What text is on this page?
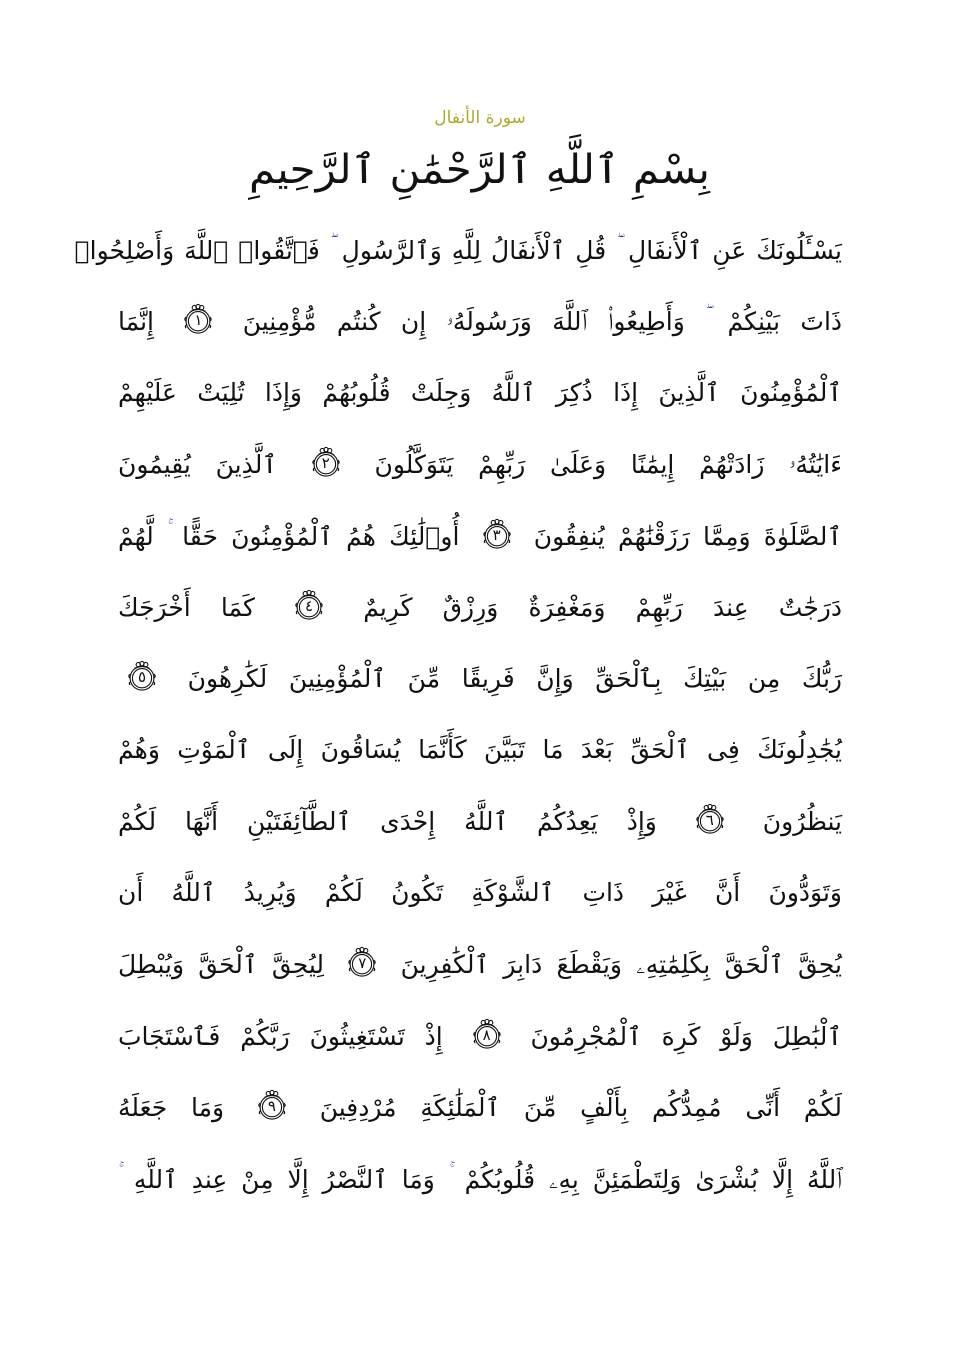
سورة الأنفال
بِسْمِ ٱللَّهِ ٱلرَّحْمَٰنِ ٱلرَّحِيمِ
يَسْـَٔلُونَكَ عَنِ ٱلْأَنفَالِ قُلِ ٱلْأَنفَالُ لِلَّهِ وَٱلرَّسُولِ فَٱتَّقُوا۟ ٱللَّهَ وَأَصْلِحُوا۟
ذَاتَ بَيْنِكُمْ وَأَطِيعُوا۟ ٱللَّهَ وَرَسُولَهُۥ إِن كُنتُم مُّؤْمِنِينَ
١
إِنَّمَا
ٱلْمُؤْمِنُونَ ٱلَّذِينَ إِذَا ذُكِرَ ٱللَّهُ وَجِلَتْ قُلُوبُهُمْ وَإِذَا تُلِيَتْ عَلَيْهِمْ
ءَايَٰتُهُۥ زَادَتْهُمْ إِيمَٰنًا وَعَلَىٰ رَبِّهِمْ يَتَوَكَّلُونَ
٢
ٱلَّذِينَ يُقِيمُونَ
ٱلصَّلَوٰةَ وَمِمَّا رَزَقْنَٰهُمْ يُنفِقُونَ
٣
أُو۟لَٰئِكَ هُمُ ٱلْمُؤْمِنُونَ حَقًّا لَّهُمْ
دَرَجَٰتٌ عِندَ رَبِّهِمْ وَمَغْفِرَةٌ وَرِزْقٌ كَرِيمٌ
٤
كَمَا أَخْرَجَكَ
رَبُّكَ مِن بَيْتِكَ بِٱلْحَقِّ وَإِنَّ فَرِيقًا مِّنَ ٱلْمُؤْمِنِينَ لَكَٰرِهُونَ
٥
يُجَٰدِلُونَكَ فِى ٱلْحَقِّ بَعْدَ مَا تَبَيَّنَ كَأَنَّمَا يُسَاقُونَ إِلَى ٱلْمَوْتِ وَهُمْ
يَنظُرُونَ
٦
وَإِذْ يَعِدُكُمُ ٱللَّهُ إِحْدَى ٱلطَّآئِفَتَيْنِ أَنَّهَا لَكُمْ
وَتَوَدُّونَ أَنَّ غَيْرَ ذَاتِ ٱلشَّوْكَةِ تَكُونُ لَكُمْ وَيُرِيدُ ٱللَّهُ أَن
يُحِقَّ ٱلْحَقَّ بِكَلِمَٰتِهِۦ وَيَقْطَعَ دَابِرَ ٱلْكَٰفِرِينَ
٧
لِيُحِقَّ ٱلْحَقَّ وَيُبْطِلَ
ٱلْبَٰطِلَ وَلَوْ كَرِهَ ٱلْمُجْرِمُونَ
٨
إِذْ تَسْتَغِيثُونَ رَبَّكُمْ فَٱسْتَجَابَ
لَكُمْ أَنِّى مُمِدُّكُم بِأَلْفٍ مِّنَ ٱلْمَلَٰئِكَةِ مُرْدِفِينَ
٩
وَمَا جَعَلَهُ
ٱللَّهُ إِلَّا بُشْرَىٰ وَلِتَطْمَئِنَّ بِهِۦ قُلُوبُكُمْ وَمَا ٱلنَّصْرُ إِلَّا مِنْ عِندِ ٱللَّهِ
